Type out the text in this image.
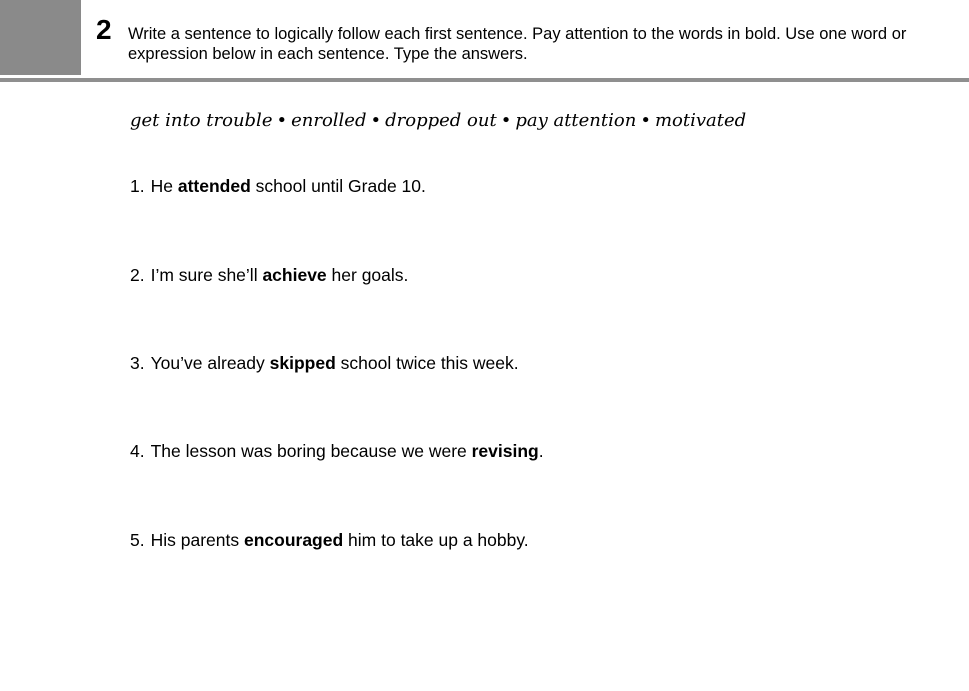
2 Write a sentence to logically follow each first sentence. Pay attention to the words in bold. Use one word or expression below in each sentence. Type the answers.
get into trouble • enrolled • dropped out • pay attention • motivated
1. He attended school until Grade 10.
2. I’m sure she’ll achieve her goals.
3. You’ve already skipped school twice this week.
4. The lesson was boring because we were revising.
5. His parents encouraged him to take up a hobby.
